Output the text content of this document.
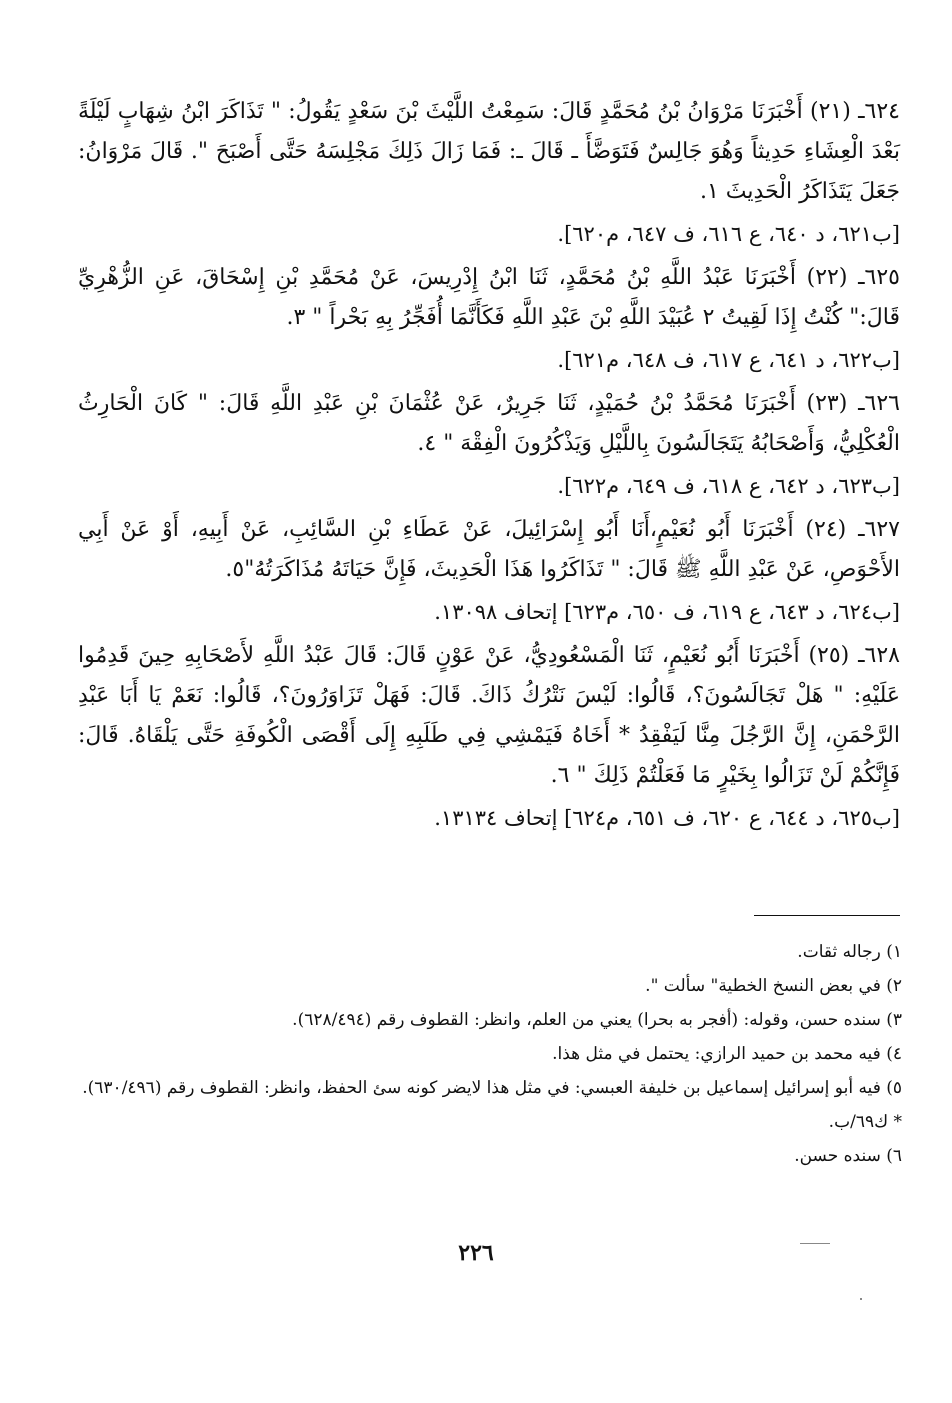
٦٢٤ـ (٢١) أَخْبَرَنَا مَرْوَانُ بْنُ مُحَمَّدٍ قَالَ: سَمِعْتُ اللَّيْثَ بْنَ سَعْدٍ يَقُولُ: " تَذَاكَرَ ابْنُ شِهَابٍ لَيْلَةً بَعْدَ الْعِشَاءِ حَدِيثاً وَهُوَ جَالِسٌ فَتَوَضَّأَ ـ قَالَ ـ: فَمَا زَالَ ذَلِكَ مَجْلِسَهُ حَتَّى أَصْبَحَ ". قَالَ مَرْوَانُ: جَعَلَ يَتَذَاكَرُ الْحَدِيثَ ١.

[ب٦٢١، د ٦٤٠، ع ٦١٦، ف ٦٤٧، م٦٢٠].

٦٢٥ـ (٢٢) أَخْبَرَنَا عَبْدُ اللَّهِ بْنُ مُحَمَّدٍ، ثَنَا ابْنُ إِدْرِيسَ، عَنْ مُحَمَّدِ بْنِ إِسْحَاقَ، عَنِ الزُّهْرِيِّ قَالَ:" كُنْتُ إِذَا لَقِيتُ ٢ عُبَيْدَ اللَّهِ بْنَ عَبْدِ اللَّهِ فَكَأَنَّمَا أُفَجِّرُ بِهِ بَحْراً " ٣.

[ب٦٢٢، د ٦٤١، ع ٦١٧، ف ٦٤٨، م٦٢١].

٦٢٦ـ (٢٣) أَخْبَرَنَا مُحَمَّدُ بْنُ حُمَيْدٍ، ثَنَا جَرِيرٌ، عَنْ عُثْمَانَ بْنِ عَبْدِ اللَّهِ قَالَ: " كَانَ الْحَارِثُ الْعُكْلِيُّ، وَأَصْحَابُهُ يَتَجَالَسُونَ بِاللَّيْلِ وَيَذْكُرُونَ الْفِقْهَ " ٤.

[ب٦٢٣، د ٦٤٢، ع ٦١٨، ف ٦٤٩، م٦٢٢].

٦٢٧ـ (٢٤) أَخْبَرَنَا أَبُو نُعَيْمٍ،أَنَا أَبُو إِسْرَائِيلَ، عَنْ عَطَاءِ بْنِ السَّائِبِ، عَنْ أَبِيهِ، أَوْ عَنْ أَبِي الأَحْوَصِ، عَنْ عَبْدِ اللَّهِ ﷺ قَالَ: " تَذَاكَرُوا هَذَا الْحَدِيثَ، فَإِنَّ حَيَاتَهُ مُذَاكَرَتُهُ"٥.

[ب٦٢٤، د ٦٤٣، ع ٦١٩، ف ٦٥٠، م٦٢٣] إتحاف ١٣٠٩٨.

٦٢٨ـ (٢٥) أَخْبَرَنَا أَبُو نُعَيْمٍ، ثَنَا الْمَسْعُودِيُّ، عَنْ عَوْنٍ قَالَ: قَالَ عَبْدُ اللَّهِ لأَصْحَابِهِ حِينَ قَدِمُوا عَلَيْهِ: " هَلْ تَجَالَسُونَ؟، قَالُوا: لَيْسَ نَتْرُكُ ذَاكَ. قَالَ: فَهَلْ تَزَاوَرُونَ؟، قَالُوا: نَعَمْ يَا أَبَا عَبْدِ الرَّحْمَنِ، إِنَّ الرَّجُلَ مِنَّا لَيَفْقِدُ * أَخَاهُ فَيَمْشِي فِي طَلَبِهِ إِلَى أَقْصَى الْكُوفَةِ حَتَّى يَلْقَاهُ. قَالَ: فَإِنَّكُمْ لَنْ تَزَالُوا بِخَيْرٍ مَا فَعَلْتُمْ ذَلِكَ " ٦.

[ب٦٢٥، د ٦٤٤، ع ٦٢٠، ف ٦٥١، م٦٢٤] إتحاف ١٣١٣٤.

١) رجاله ثقات.

٢) في بعض النسخ الخطية" سألت ".

٣) سنده حسن، وقوله: (أفجر به بحرا) يعني من العلم، وانظر: القطوف رقم (٦٢٨/٤٩٤).

٤) فيه محمد بن حميد الرازي: يحتمل في مثل هذا.

٥) فيه أبو إسرائيل إسماعيل بن خليفة العبسي: في مثل هذا لايضر كونه سئ الحفظ، وانظر: القطوف رقم (٦٣٠/٤٩٦).

* ك٦٩/ب.

٦) سنده حسن.

٢٢٦
